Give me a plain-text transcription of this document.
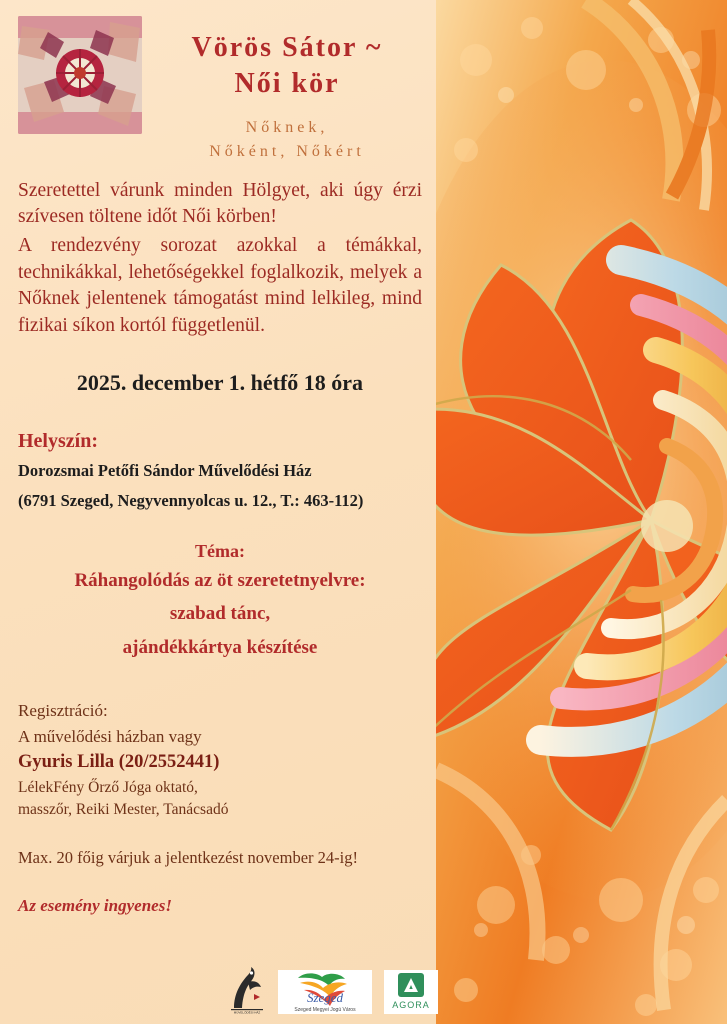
Vörös Sátor ~
Női kör
Nőknek,
Nőként, Nőkért

Szeretettel várunk minden Hölgyet, aki úgy érzi szívesen töltene időt Női körben!

A rendezvény sorozat azokkal a témákkal, technikákkal, lehetőségekkel foglalkozik, melyek a Nőknek jelentenek támogatást mind lelkileg, mind fizikai síkon kortól függetlenül.

2025. december 1. hétfő 18 óra
Helyszín:
Dorozsmai Petőfi Sándor Művelődési Ház
(6791 Szeged, Negyvennyolcas u. 12., T.: 463-112)
Téma:
Ráhangolódás az öt szeretetnyelvre:
szabad tánc,
ajándékkártya készítése
Regisztráció:
A művelődési házban vagy
Gyuris Lilla (20/2552441)
LélekFény Őrző Jóga oktató,
masszőr, Reiki Mester, Tanácsadó
Max. 20 főig várjuk a jelentkezést november 24-ig!
Az esemény ingyenes!
MŰVELŐDÉSI HÁZ
Szeged
Szeged Megyei Jogú Város	AGORA
